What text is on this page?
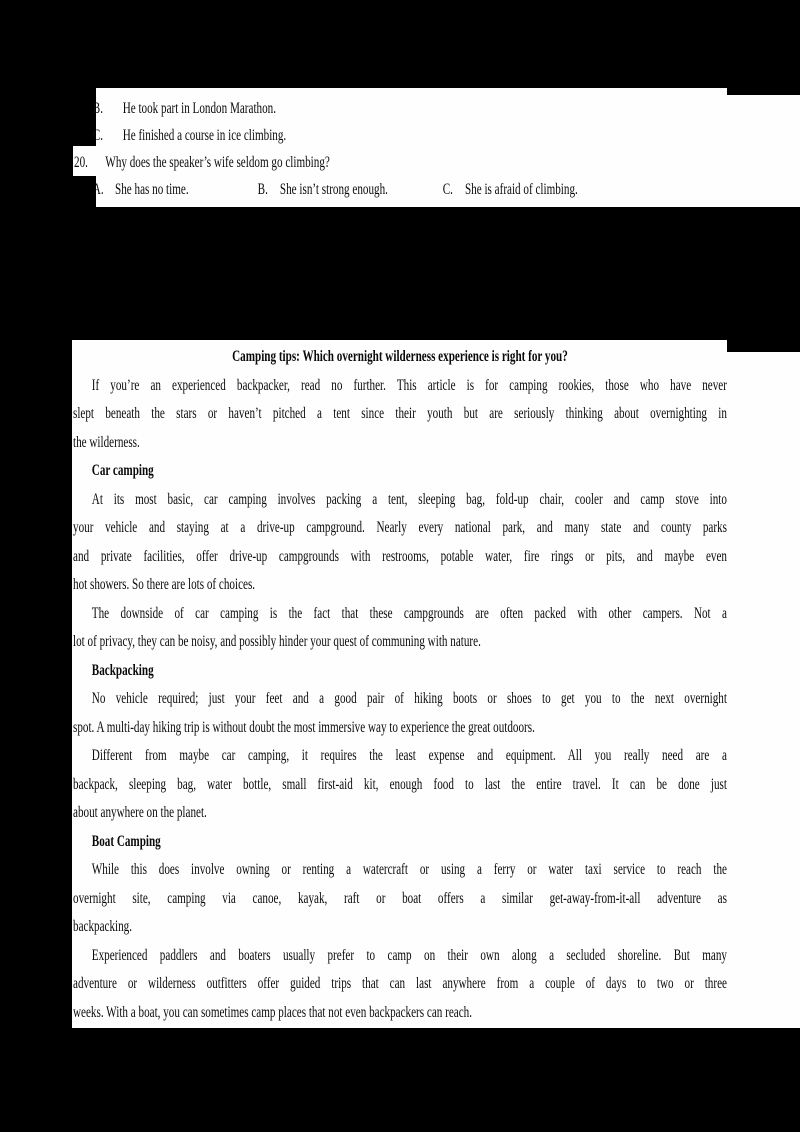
B. He took part in London Marathon.
C. He finished a course in ice climbing.
20. Why does the speaker’s wife seldom go climbing?
A. She has no time.	B. She isn’t strong enough.	C. She is afraid of climbing.
Camping tips: Which overnight wilderness experience is right for you?
If you’re an experienced backpacker, read no further. This article is for camping rookies, those who have never
slept beneath the stars or haven’t pitched a tent since their youth but are seriously thinking about overnighting in
the wilderness.
Car camping
At its most basic, car camping involves packing a tent, sleeping bag, fold-up chair, cooler and camp stove into
your vehicle and staying at a drive-up campground. Nearly every national park, and many state and county parks
and private facilities, offer drive-up campgrounds with restrooms, potable water, fire rings or pits, and maybe even
hot showers. So there are lots of choices.
The downside of car camping is the fact that these campgrounds are often packed with other campers. Not a
lot of privacy, they can be noisy, and possibly hinder your quest of communing with nature.
Backpacking
No vehicle required; just your feet and a good pair of hiking boots or shoes to get you to the next overnight
spot. A multi-day hiking trip is without doubt the most immersive way to experience the great outdoors.
Different from maybe car camping, it requires the least expense and equipment. All you really need are a
backpack, sleeping bag, water bottle, small first-aid kit, enough food to last the entire travel. It can be done just
about anywhere on the planet.
Boat Camping
While this does involve owning or renting a watercraft or using a ferry or water taxi service to reach the
overnight site, camping via canoe, kayak, raft or boat offers a similar get-away-from-it-all adventure as
backpacking.
Experienced paddlers and boaters usually prefer to camp on their own along a secluded shoreline. But many
adventure or wilderness outfitters offer guided trips that can last anywhere from a couple of days to two or three
weeks. With a boat, you can sometimes camp places that not even backpackers can reach.
